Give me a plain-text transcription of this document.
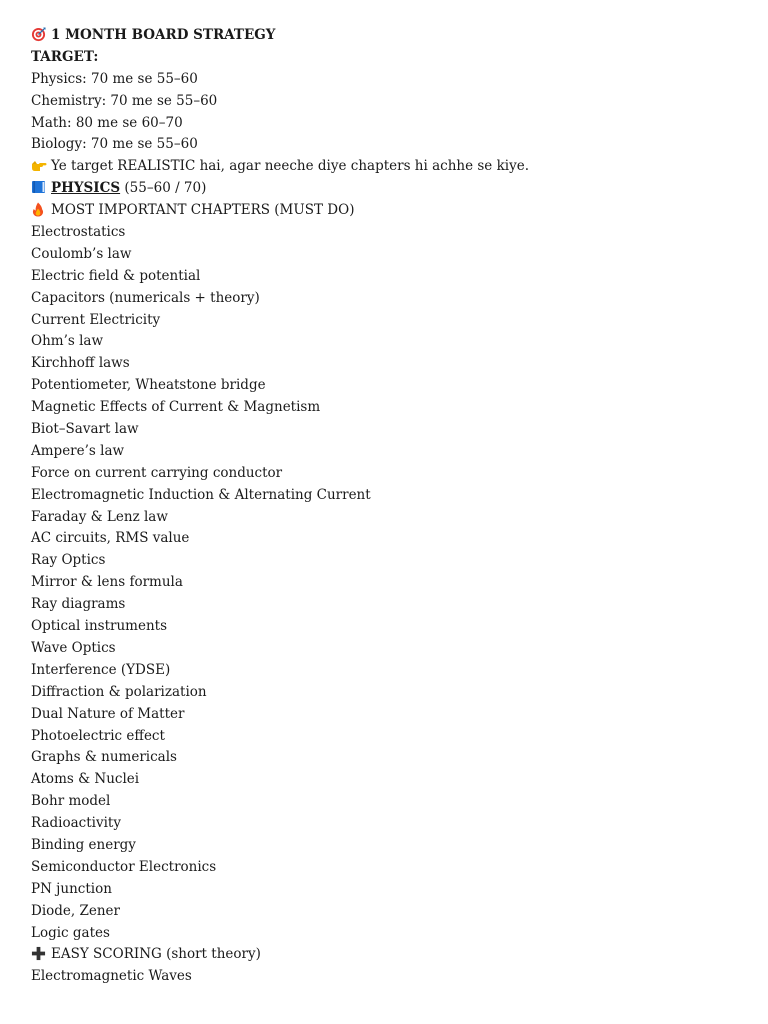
1 MONTH BOARD STRATEGY
TARGET:
Physics: 70 me se 55–60
Chemistry: 70 me se 55–60
Math: 80 me se 60–70
Biology: 70 me se 55–60
Ye target REALISTIC hai, agar neeche diye chapters hi achhe se kiye.
PHYSICS (55–60 / 70)
MOST IMPORTANT CHAPTERS (MUST DO)
Electrostatics
Coulomb’s law
Electric field & potential
Capacitors (numericals + theory)
Current Electricity
Ohm’s law
Kirchhoff laws
Potentiometer, Wheatstone bridge
Magnetic Effects of Current & Magnetism
Biot–Savart law
Ampere’s law
Force on current carrying conductor
Electromagnetic Induction & Alternating Current
Faraday & Lenz law
AC circuits, RMS value
Ray Optics
Mirror & lens formula
Ray diagrams
Optical instruments
Wave Optics
Interference (YDSE)
Diffraction & polarization
Dual Nature of Matter
Photoelectric effect
Graphs & numericals
Atoms & Nuclei
Bohr model
Radioactivity
Binding energy
Semiconductor Electronics
PN junction
Diode, Zener
Logic gates
EASY SCORING (short theory)
Electromagnetic Waves
